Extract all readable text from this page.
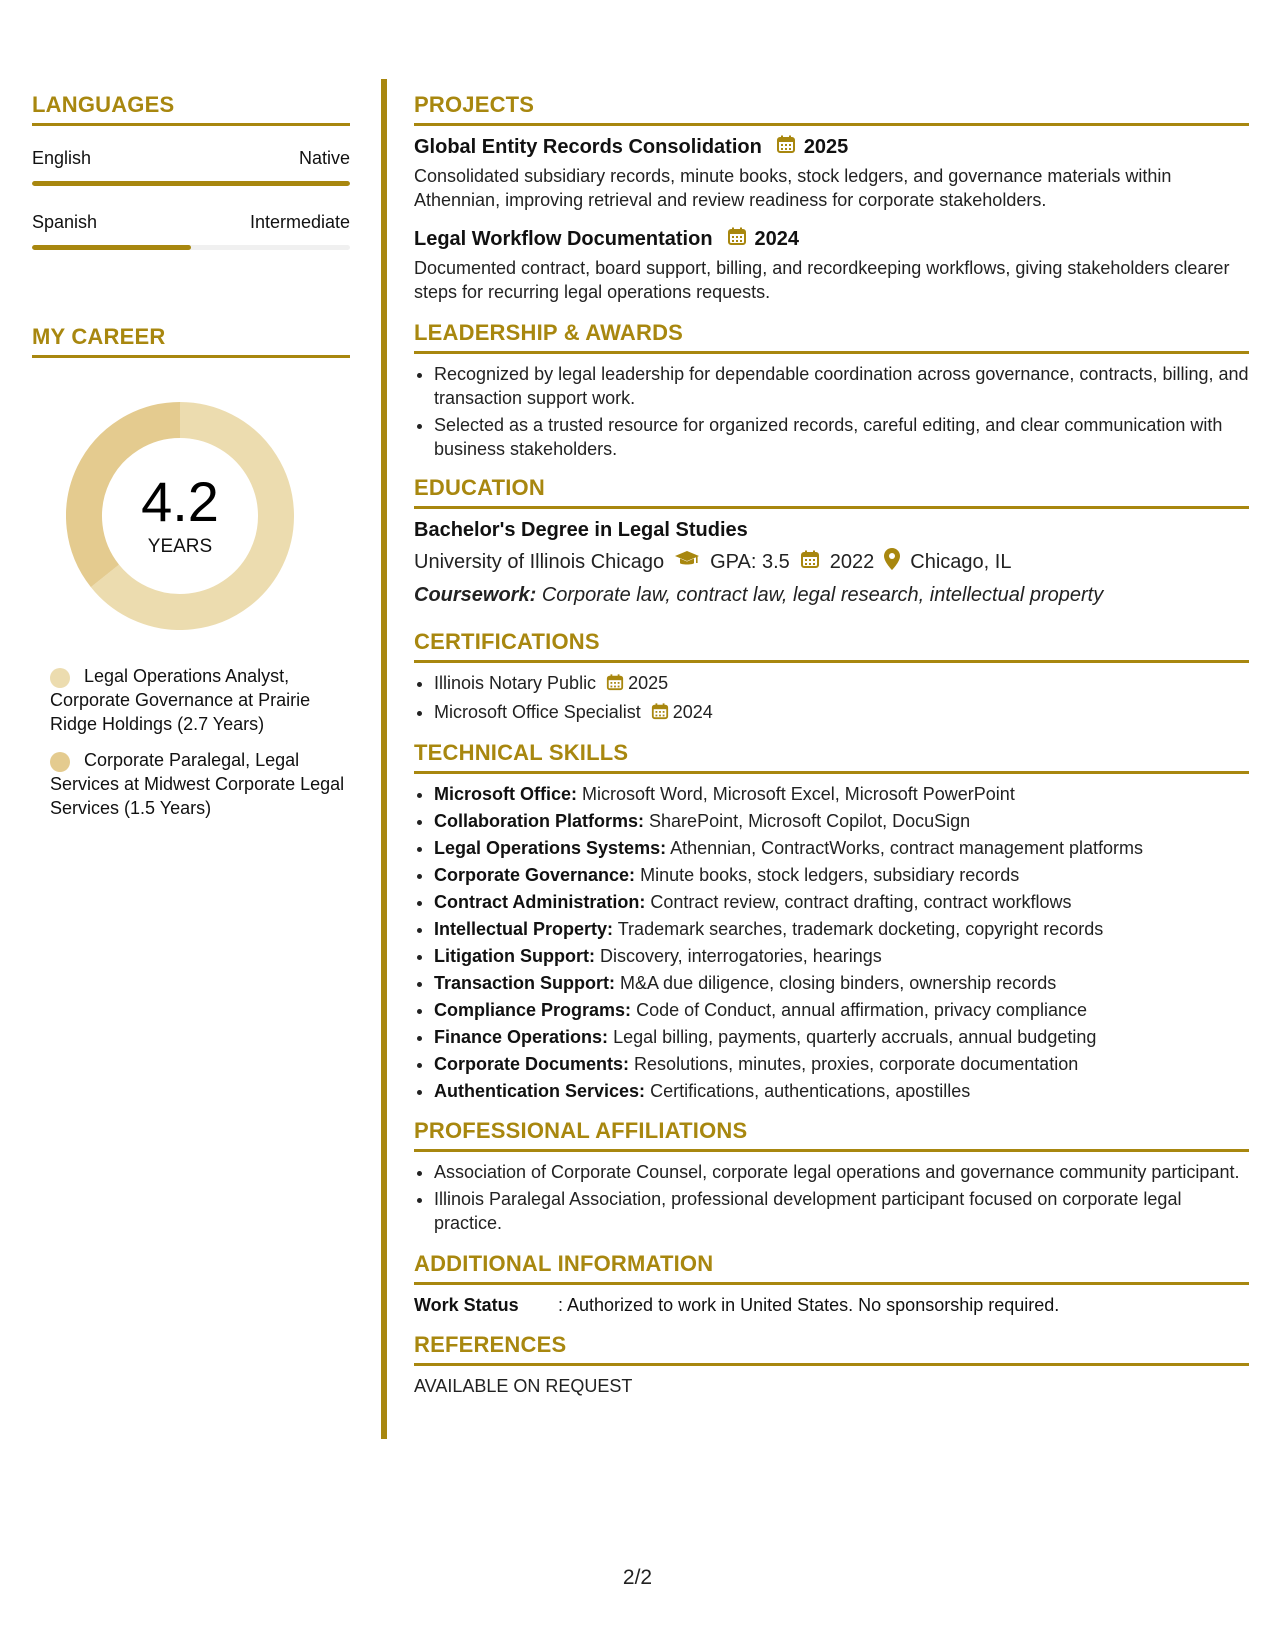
LANGUAGES
English	Native
Spanish	Intermediate
MY CAREER
4.2
YEARS
Legal Operations Analyst, Corporate Governance at Prairie Ridge Holdings (2.7 Years)
Corporate Paralegal, Legal Services at Midwest Corporate Legal Services (1.5 Years)
PROJECTS
Global Entity Records Consolidation 2025
Consolidated subsidiary records, minute books, stock ledgers, and governance materials within Athennian, improving retrieval and review readiness for corporate stakeholders.
Legal Workflow Documentation 2024
Documented contract, board support, billing, and recordkeeping workflows, giving stakeholders clearer steps for recurring legal operations requests.
LEADERSHIP & AWARDS
• Recognized by legal leadership for dependable coordination across governance, contracts, billing, and transaction support work.
• Selected as a trusted resource for organized records, careful editing, and clear communication with business stakeholders.
EDUCATION
Bachelor's Degree in Legal Studies
University of Illinois Chicago GPA: 3.5 2022 Chicago, IL
Coursework: Corporate law, contract law, legal research, intellectual property
CERTIFICATIONS
• Illinois Notary Public 2025
• Microsoft Office Specialist 2024
TECHNICAL SKILLS
• Microsoft Office: Microsoft Word, Microsoft Excel, Microsoft PowerPoint
• Collaboration Platforms: SharePoint, Microsoft Copilot, DocuSign
• Legal Operations Systems: Athennian, ContractWorks, contract management platforms
• Corporate Governance: Minute books, stock ledgers, subsidiary records
• Contract Administration: Contract review, contract drafting, contract workflows
• Intellectual Property: Trademark searches, trademark docketing, copyright records
• Litigation Support: Discovery, interrogatories, hearings
• Transaction Support: M&A due diligence, closing binders, ownership records
• Compliance Programs: Code of Conduct, annual affirmation, privacy compliance
• Finance Operations: Legal billing, payments, quarterly accruals, annual budgeting
• Corporate Documents: Resolutions, minutes, proxies, corporate documentation
• Authentication Services: Certifications, authentications, apostilles
PROFESSIONAL AFFILIATIONS
• Association of Corporate Counsel, corporate legal operations and governance community participant.
• Illinois Paralegal Association, professional development participant focused on corporate legal practice.
ADDITIONAL INFORMATION
Work Status	: Authorized to work in United States. No sponsorship required.
REFERENCES
AVAILABLE ON REQUEST
2/2
